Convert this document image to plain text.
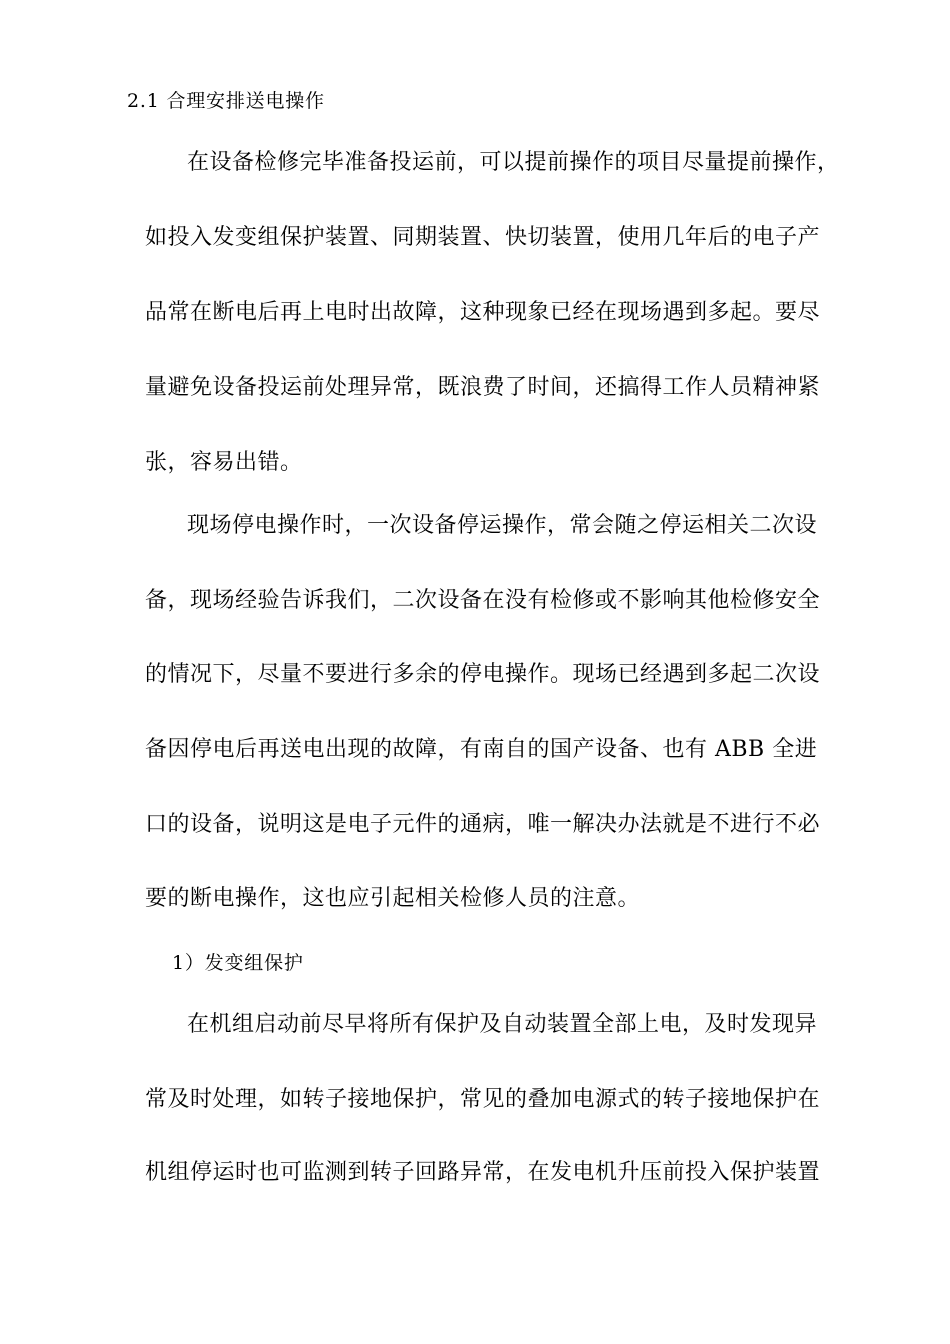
2.1 合理安排送电操作
在设备检修完毕准备投运前，可以提前操作的项目尽量提前操作，
如投入发变组保护装置、同期装置、快切装置，使用几年后的电子产
品常在断电后再上电时出故障，这种现象已经在现场遇到多起。要尽
量避免设备投运前处理异常，既浪费了时间，还搞得工作人员精神紧
张，容易出错。
现场停电操作时，一次设备停运操作，常会随之停运相关二次设
备，现场经验告诉我们，二次设备在没有检修或不影响其他检修安全
的情况下，尽量不要进行多余的停电操作。现场已经遇到多起二次设
备因停电后再送电出现的故障，有南自的国产设备、也有 ABB 全进
口的设备，说明这是电子元件的通病，唯一解决办法就是不进行不必
要的断电操作，这也应引起相关检修人员的注意。
1）发变组保护
在机组启动前尽早将所有保护及自动装置全部上电，及时发现异
常及时处理，如转子接地保护，常见的叠加电源式的转子接地保护在
机组停运时也可监测到转子回路异常，在发电机升压前投入保护装置
